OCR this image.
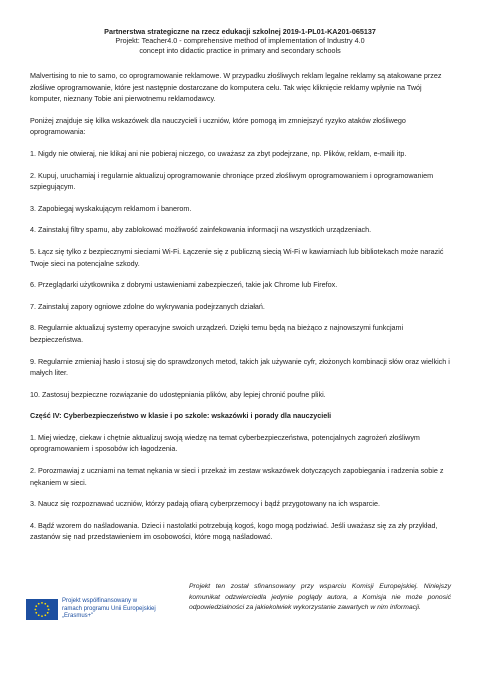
Partnerstwa strategiczne na rzecz edukacji szkolnej 2019-1-PL01-KA201-065137
Projekt: Teacher4.0 - comprehensive method of implementation of Industry 4.0
concept into didactic practice in primary and secondary schools

Malvertising to nie to samo, co oprogramowanie reklamowe. W przypadku złośliwych reklam legalne reklamy są atakowane przez złośliwe oprogramowanie, które jest następnie dostarczane do komputera celu. Tak więc kliknięcie reklamy wpłynie na Twój komputer, nieznany Tobie ani pierwotnemu reklamodawcy.

Poniżej znajduje się kilka wskazówek dla nauczycieli i uczniów, które pomogą im zmniejszyć ryzyko ataków złośliwego oprogramowania:

1. Nigdy nie otwieraj, nie klikaj ani nie pobieraj niczego, co uważasz za zbyt podejrzane, np. Plików, reklam, e-maili itp.

2. Kupuj, uruchamiaj i regularnie aktualizuj oprogramowanie chroniące przed złośliwym oprogramowaniem i oprogramowaniem szpiegującym.

3. Zapobiegaj wyskakującym reklamom i banerom.

4. Zainstaluj filtry spamu, aby zablokować możliwość zainfekowania informacji na wszystkich urządzeniach.

5. Łącz się tylko z bezpiecznymi sieciami Wi-Fi. Łączenie się z publiczną siecią Wi-Fi w kawiarniach lub bibliotekach może narazić Twoje sieci na potencjalne szkody.

6. Przeglądarki użytkownika z dobrymi ustawieniami zabezpieczeń, takie jak Chrome lub Firefox.

7. Zainstaluj zapory ogniowe zdolne do wykrywania podejrzanych działań.

8. Regularnie aktualizuj systemy operacyjne swoich urządzeń. Dzięki temu będą na bieżąco z najnowszymi funkcjami bezpieczeństwa.

9. Regularnie zmieniaj hasło i stosuj się do sprawdzonych metod, takich jak używanie cyfr, złożonych kombinacji słów oraz wielkich i małych liter.

10. Zastosuj bezpieczne rozwiązanie do udostępniania plików, aby lepiej chronić poufne pliki.

Część IV: Cyberbezpieczeństwo w klasie i po szkole: wskazówki i porady dla nauczycieli

1. Miej wiedzę, ciekaw i chętnie aktualizuj swoją wiedzę na temat cyberbezpieczeństwa, potencjalnych zagrożeń złośliwym oprogramowaniem i sposobów ich łagodzenia.

2. Porozmawiaj z uczniami na temat nękania w sieci i przekaż im zestaw wskazówek dotyczących zapobiegania i radzenia sobie z nękaniem w sieci.

3. Naucz się rozpoznawać uczniów, którzy padają ofiarą cyberprzemocy i bądź przygotowany na ich wsparcie.

4. Bądź wzorem do naśladowania. Dzieci i nastolatki potrzebują kogoś, kogo mogą podziwiać. Jeśli uważasz się za zły przykład, zastanów się nad przedstawieniem im osobowości, które mogą naśladować.

Projekt współfinansowany w
ramach programu Unii Europejskiej
„Erasmus+"
Projekt ten został sfinansowany przy wsparciu Komisji Europejskiej. Niniejszy komunikat odzwierciedla jedynie poglądy autora, a Komisja nie może ponosić odpowiedzialności za jakiekolwiek wykorzystanie zawartych w nim informacji.
